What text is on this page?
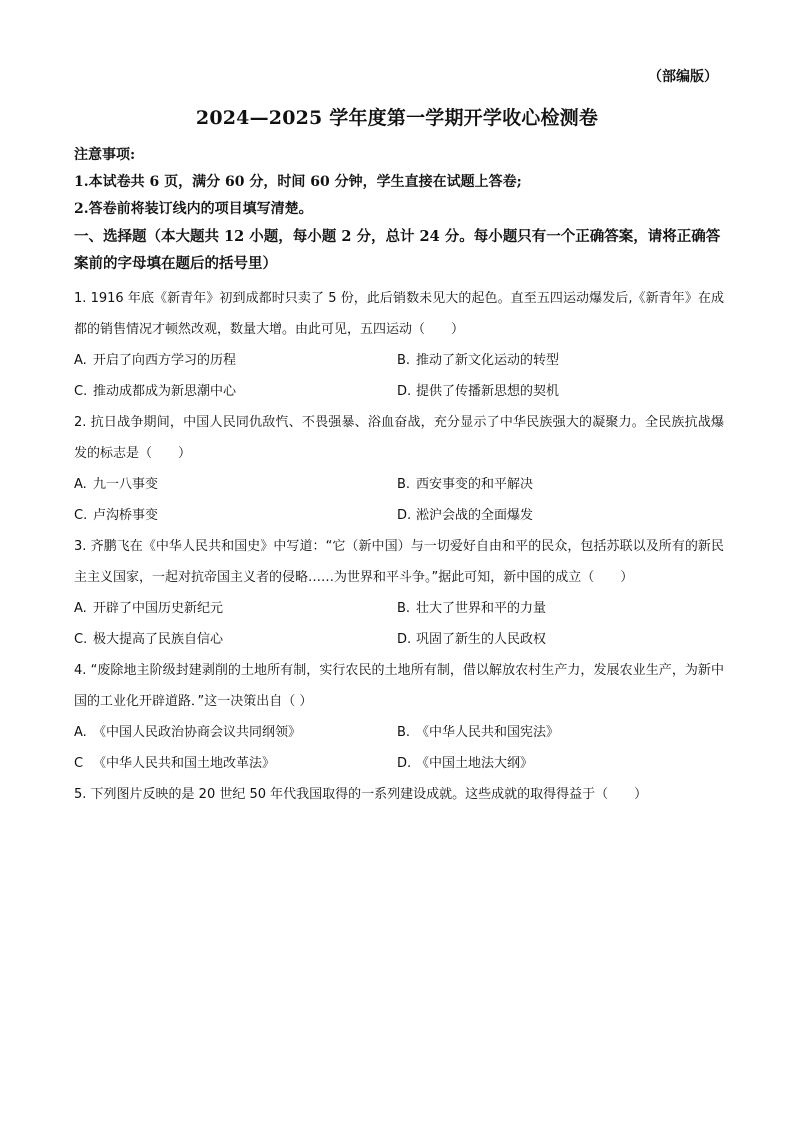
（部编版）
2024—2025 学年度第一学期开学收心检测卷
注意事项:
1.本试卷共 6 页，满分 60 分，时间 60 分钟，学生直接在试题上答卷;
2.答卷前将装订线内的项目填写清楚。
一、选择题（本大题共 12 小题，每小题 2 分，总计 24 分。每小题只有一个正确答案，请将正确答案前的字母填在题后的括号里）
1. 1916 年底《新青年》初到成都时只卖了 5 份，此后销数未见大的起色。直至五四运动爆发后,《新青年》在成都的销售情况才顿然改观，数量大增。由此可见，五四运动（　　）
A. 开启了向西方学习的历程	B. 推动了新文化运动的转型
C. 推动成都成为新思潮中心	D. 提供了传播新思想的契机
2. 抗日战争期间，中国人民同仇敌忾、不畏强暴、浴血奋战，充分显示了中华民族强大的凝聚力。全民族抗战爆发的标志是（　　）
A. 九一八事变	B. 西安事变的和平解决
C. 卢沟桥事变	D. 淞沪会战的全面爆发
3. 齐鹏飞在《中华人民共和国史》中写道：“它（新中国）与一切爱好自由和平的民众，包括苏联以及所有的新民主主义国家，一起对抗帝国主义者的侵略……为世界和平斗争。”据此可知，新中国的成立（　　）
A. 开辟了中国历史新纪元	B. 壮大了世界和平的力量
C. 极大提高了民族自信心	D. 巩固了新生的人民政权
4. “废除地主阶级封建剥削的土地所有制，实行农民的土地所有制，借以解放农村生产力，发展农业生产，为新中国的工业化开辟道路．”这一决策出自（ ）
A. 《中国人民政治协商会议共同纲领》	B. 《中华人民共和国宪法》
C 《中华人民共和国土地改革法》	D. 《中国土地法大纲》
5. 下列图片反映的是 20 世纪 50 年代我国取得的一系列建设成就。这些成就的取得得益于（　　）
